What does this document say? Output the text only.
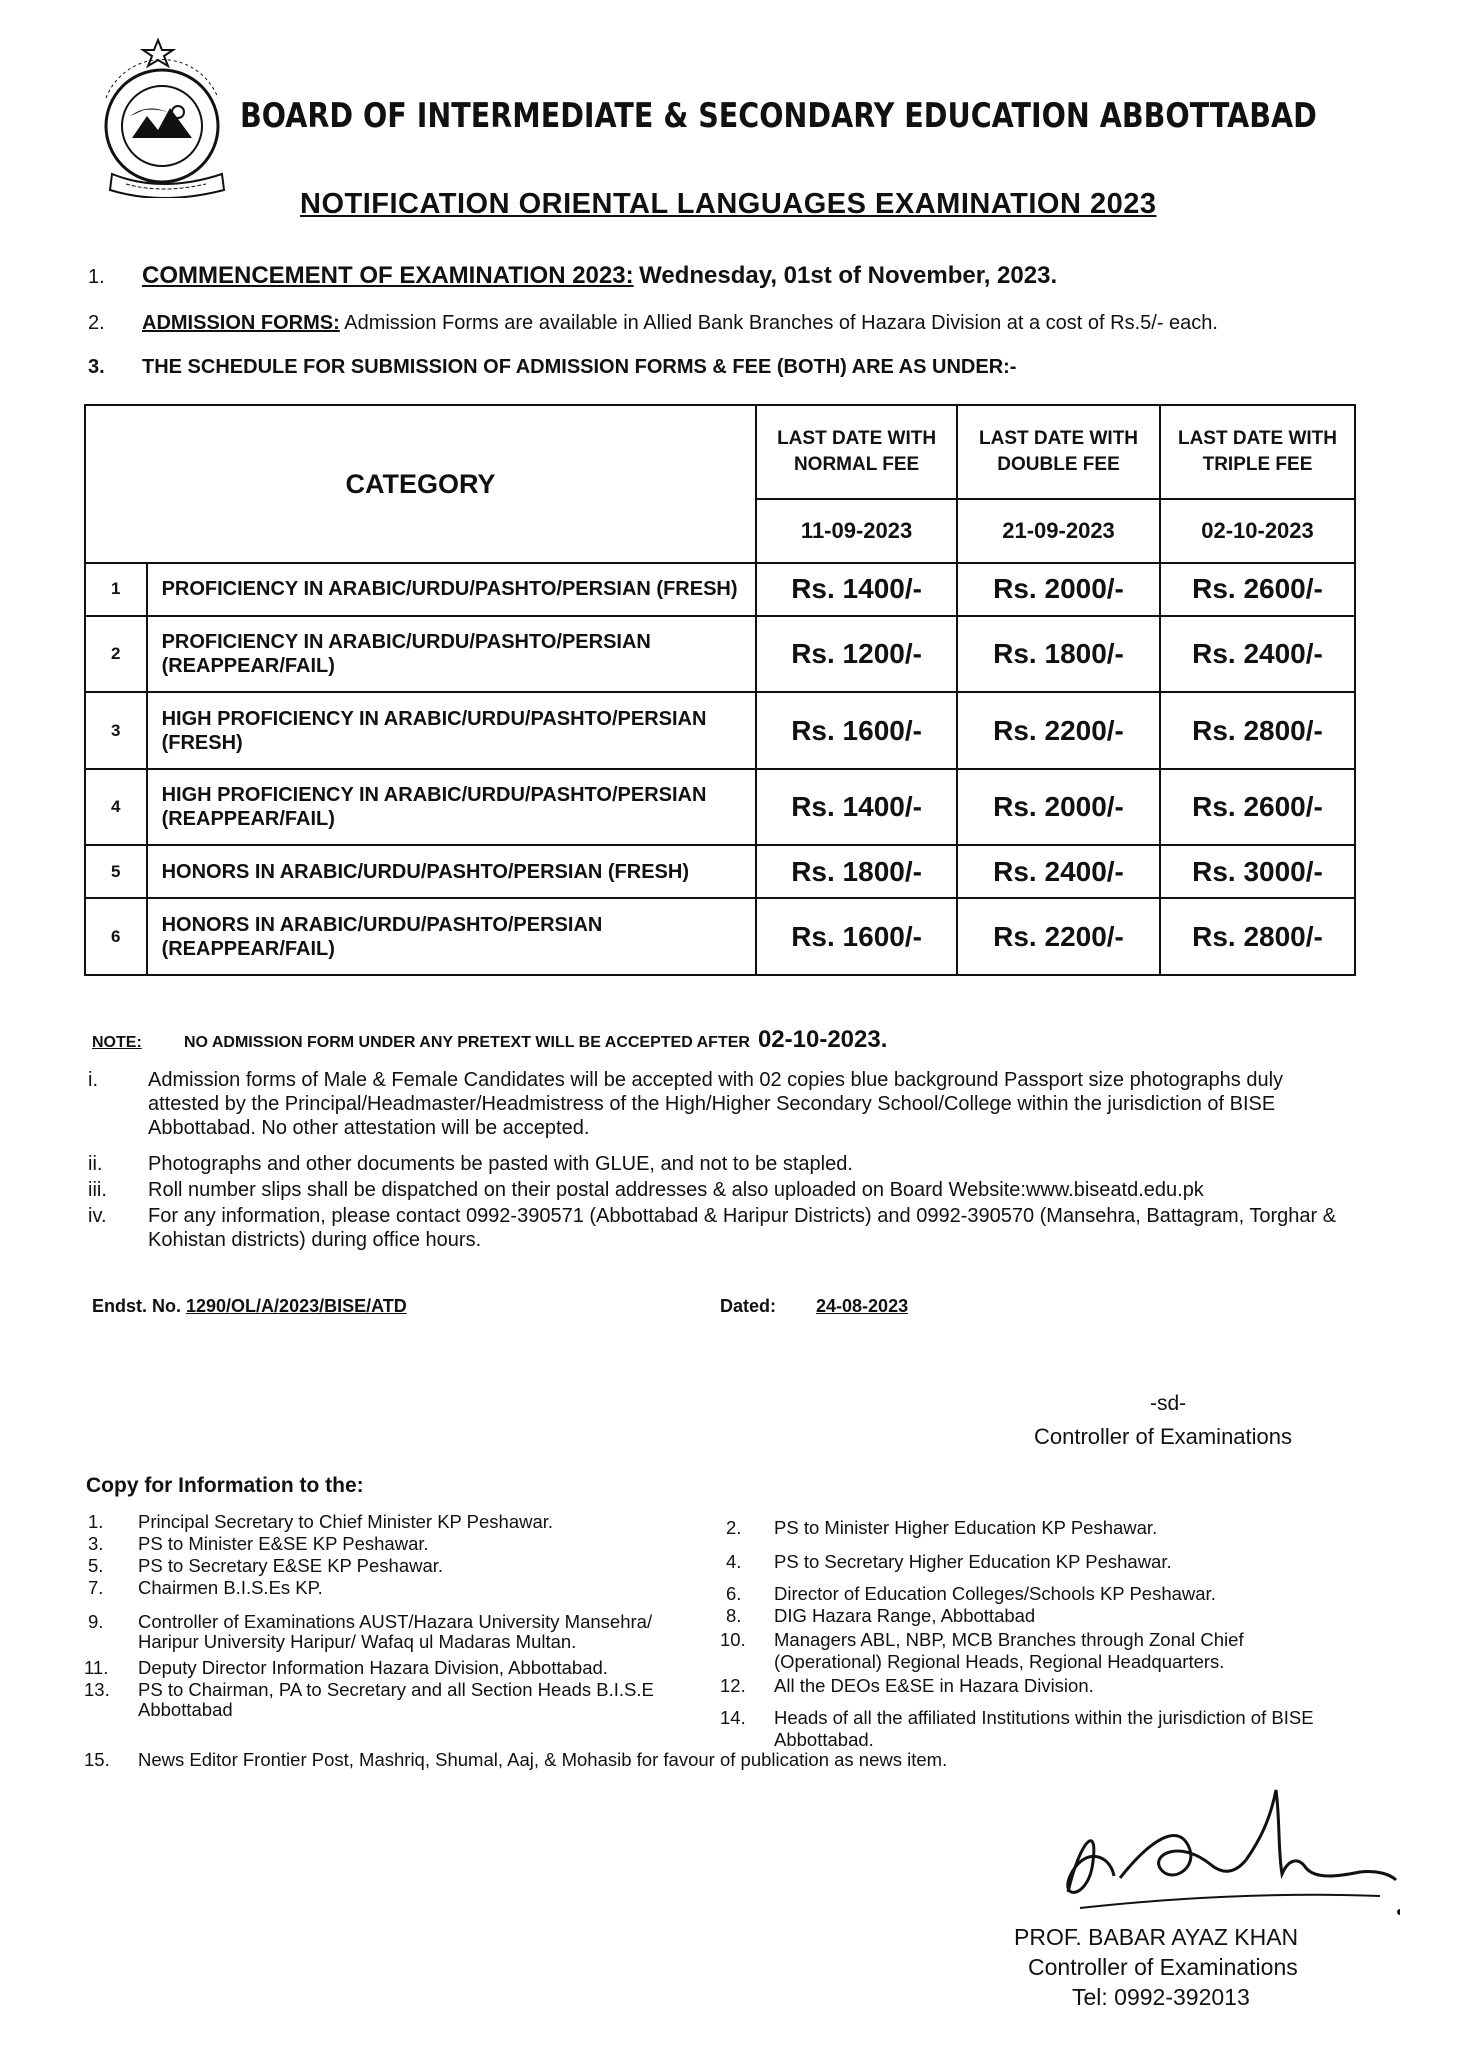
BOARD OF INTERMEDIATE & SECONDARY EDUCATION ABBOTTABAD
NOTIFICATION ORIENTAL LANGUAGES EXAMINATION 2023
1. COMMENCEMENT OF EXAMINATION 2023: Wednesday, 01st of November, 2023.
2. ADMISSION FORMS: Admission Forms are available in Allied Bank Branches of Hazara Division at a cost of Rs.5/- each.
3. THE SCHEDULE FOR SUBMISSION OF ADMISSION FORMS & FEE (BOTH) ARE AS UNDER:-
CATEGORY		LAST DATE WITH NORMAL FEE	LAST DATE WITH DOUBLE FEE	LAST DATE WITH TRIPLE FEE
		11-09-2023	21-09-2023	02-10-2023
1	PROFICIENCY IN ARABIC/URDU/PASHTO/PERSIAN (FRESH)	Rs. 1400/-	Rs. 2000/-	Rs. 2600/-
2	PROFICIENCY IN ARABIC/URDU/PASHTO/PERSIAN (REAPPEAR/FAIL)	Rs. 1200/-	Rs. 1800/-	Rs. 2400/-
3	HIGH PROFICIENCY IN ARABIC/URDU/PASHTO/PERSIAN (FRESH)	Rs. 1600/-	Rs. 2200/-	Rs. 2800/-
4	HIGH PROFICIENCY IN ARABIC/URDU/PASHTO/PERSIAN (REAPPEAR/FAIL)	Rs. 1400/-	Rs. 2000/-	Rs. 2600/-
5	HONORS IN ARABIC/URDU/PASHTO/PERSIAN (FRESH)	Rs. 1800/-	Rs. 2400/-	Rs. 3000/-
6	HONORS IN ARABIC/URDU/PASHTO/PERSIAN (REAPPEAR/FAIL)	Rs. 1600/-	Rs. 2200/-	Rs. 2800/-
NOTE:	NO ADMISSION FORM UNDER ANY PRETEXT WILL BE ACCEPTED AFTER 02-10-2023.
i.	Admission forms of Male & Female Candidates will be accepted with 02 copies blue background Passport size photographs duly attested by the Principal/Headmaster/Headmistress of the High/Higher Secondary School/College within the jurisdiction of BISE Abbottabad. No other attestation will be accepted.
ii. Photographs and other documents be pasted with GLUE, and not to be stapled.
iii. Roll number slips shall be dispatched on their postal addresses & also uploaded on Board Website:www.biseatd.edu.pk
iv. For any information, please contact 0992-390571 (Abbottabad & Haripur Districts) and 0992-390570 (Mansehra, Battagram, Torghar & Kohistan districts) during office hours.
Endst. No. 1290/OL/A/2023/BISE/ATD	Dated: 24-08-2023
-sd-
Controller of Examinations
Copy for Information to the:
1. Principal Secretary to Chief Minister KP Peshawar.
3. PS to Minister E&SE KP Peshawar.
5. PS to Secretary E&SE KP Peshawar.
7. Chairmen B.I.S.Es KP.
9. Controller of Examinations AUST/Hazara University Mansehra/
Haripur University Haripur/ Wafaq ul Madaras Multan.
11. Deputy Director Information Hazara Division, Abbottabad.
13. PS to Chairman, PA to Secretary and all Section Heads B.I.S.E
Abbottabad
2. PS to Minister Higher Education KP Peshawar.
4. PS to Secretary Higher Education KP Peshawar.
6. Director of Education Colleges/Schools KP Peshawar.
8. DIG Hazara Range, Abbottabad
10. Managers ABL, NBP, MCB Branches through Zonal Chief
(Operational) Regional Heads, Regional Headquarters.
12. All the DEOs E&SE in Hazara Division.
14. Heads of all the affiliated Institutions within the jurisdiction of BISE
Abbottabad.
15. News Editor Frontier Post, Mashriq, Shumal, Aaj, & Mohasib for favour of publication as news item.
PROF. BABAR AYAZ KHAN
Controller of Examinations
Tel: 0992-392013
